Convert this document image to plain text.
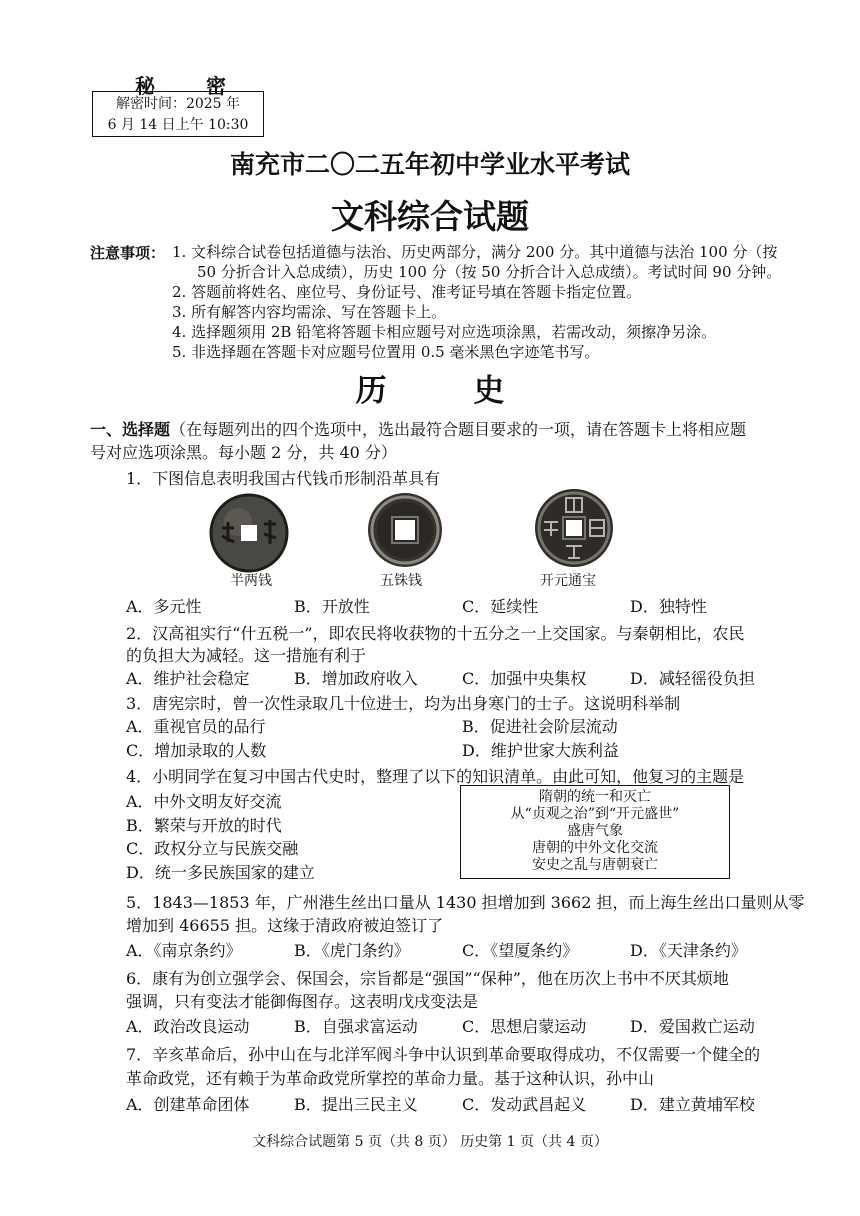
秘 密
解密时间：2025 年
6 月 14 日上午 10:30
南充市二〇二五年初中学业水平考试
文科综合试题
注意事项： 1. 文科综合试卷包括道德与法治、历史两部分，满分 200 分。其中道德与法治 100 分（按
50 分折合计入总成绩），历史 100 分（按 50 分折合计入总成绩）。考试时间 90 分钟。
2. 答题前将姓名、座位号、身份证号、准考证号填在答题卡指定位置。
3. 所有解答内容均需涂、写在答题卡上。
4. 选择题须用 2B 铅笔将答题卡相应题号对应选项涂黑，若需改动，须擦净另涂。
5. 非选择题在答题卡对应题号位置用 0.5 毫米黑色字迹笔书写。
历 史
一、选择题（在每题列出的四个选项中，选出最符合题目要求的一项，请在答题卡上将相应题号对应选项涂黑。每小题 2 分，共 40 分）
1．下图信息表明我国古代钱币形制沿革具有
半两钱	五铢钱	开元通宝
A．多元性	B．开放性	C．延续性	D．独特性
2．汉高祖实行“什五税一”，即农民将收获物的十五分之一上交国家。与秦朝相比，农民
的负担大为减轻。这一措施有利于
A．维护社会稳定	B．增加政府收入	C．加强中央集权	D．减轻徭役负担
3．唐宪宗时，曾一次性录取几十位进士，均为出身寒门的士子。这说明科举制
A．重视官员的品行	B．促进社会阶层流动
C．增加录取的人数	D．维护世家大族利益
4．小明同学在复习中国古代史时，整理了以下的知识清单。由此可知，他复习的主题是
A．中外文明友好交流
B．繁荣与开放的时代
C．政权分立与民族交融
D．统一多民族国家的建立
隋朝的统一和灭亡
从“贞观之治”到“开元盛世”
盛唐气象
唐朝的中外文化交流
安史之乱与唐朝衰亡
5．1843—1853 年，广州港生丝出口量从 1430 担增加到 3662 担，而上海生丝出口量则从零
增加到 46655 担。这缘于清政府被迫签订了
A．《南京条约》	B．《虎门条约》	C．《望厦条约》	D．《天津条约》
6．康有为创立强学会、保国会，宗旨都是“强国”“保种”，他在历次上书中不厌其烦地
强调，只有变法才能御侮图存。这表明戊戌变法是
A．政治改良运动	B．自强求富运动	C．思想启蒙运动	D．爱国救亡运动
7．辛亥革命后，孙中山在与北洋军阀斗争中认识到革命要取得成功，不仅需要一个健全的
革命政党，还有赖于为革命政党所掌控的革命力量。基于这种认识，孙中山
A．创建革命团体	B．提出三民主义	C．发动武昌起义	D．建立黄埔军校
文科综合试题第 5 页（共 8 页） 历史第 1 页（共 4 页）
